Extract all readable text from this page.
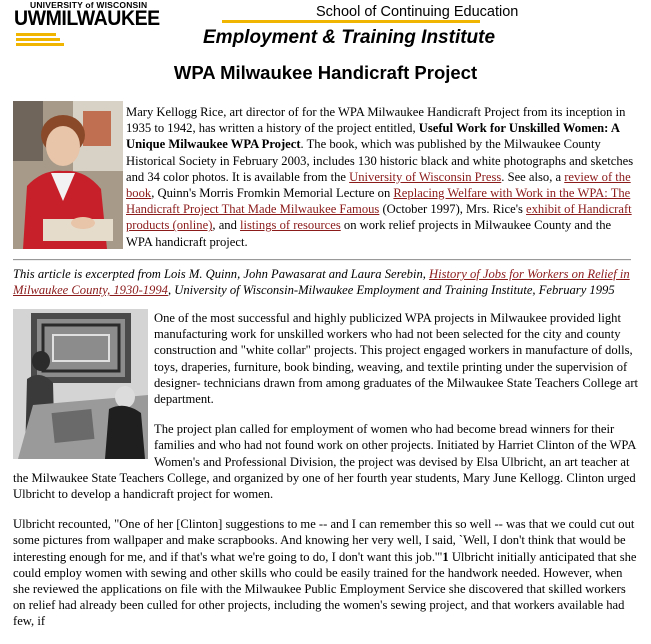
UNIVERSITY of WISCONSIN
UWMILWAUKEE	School of Continuing Education
Employment & Training Institute
WPA Milwaukee Handicraft Project
Mary Kellogg Rice, art director of for the WPA Milwaukee Handicraft Project from its inception in 1935 to 1942, has written a history of the project entitled, Useful Work for Unskilled Women: A Unique Milwaukee WPA Project. The book, which was published by the Milwaukee County Historical Society in February 2003, includes 130 historic black and white photographs and sketches and 34 color photos. It is available from the University of Wisconsin Press. See also, a review of the book, Quinn's Morris Fromkin Memorial Lecture on Replacing Welfare with Work in the WPA: The Handicraft Project That Made Milwaukee Famous (October 1997), Mrs. Rice's exhibit of Handicraft products (online), and listings of resources on work relief projects in Milwaukee County and the WPA handicraft project.
This article is excerpted from Lois M. Quinn, John Pawasarat and Laura Serebin, History of Jobs for Workers on Relief in Milwaukee County, 1930-1994, University of Wisconsin-Milwaukee Employment and Training Institute, February 1995

One of the most successful and highly publicized WPA projects in Milwaukee provided light manufacturing work for unskilled workers who had not been selected for the city and county construction and "white collar" projects. This project engaged workers in manufacture of dolls, toys, draperies, furniture, book binding, weaving, and textile printing under the supervision of designer- technicians drawn from among graduates of the Milwaukee State Teachers College art department.

The project plan called for employment of women who had become bread winners for their families and who had not found work on other projects. Initiated by Harriet Clinton of the WPA Women's and Professional Division, the project was devised by Elsa Ulbricht, an art teacher at the Milwaukee State Teachers College, and organized by one of her fourth year students, Mary June Kellogg. Clinton urged Ulbricht to develop a handicraft project for women.

Ulbricht recounted, "One of her [Clinton] suggestions to me -- and I can remember this so well -- was that we could cut out some pictures from wallpaper and make scrapbooks. And knowing her very well, I said, `Well, I don't think that would be interesting enough for me, and if that's what we're going to do, I don't want this job.'"1 Ulbricht initially anticipated that she could employ women with sewing and other skills who could be easily trained for the handwork needed. However, when she reviewed the applications on file with the Milwaukee Public Employment Service she discovered that skilled workers on relief had already been culled for other projects, including the women's sewing project, and that workers available had few, if
